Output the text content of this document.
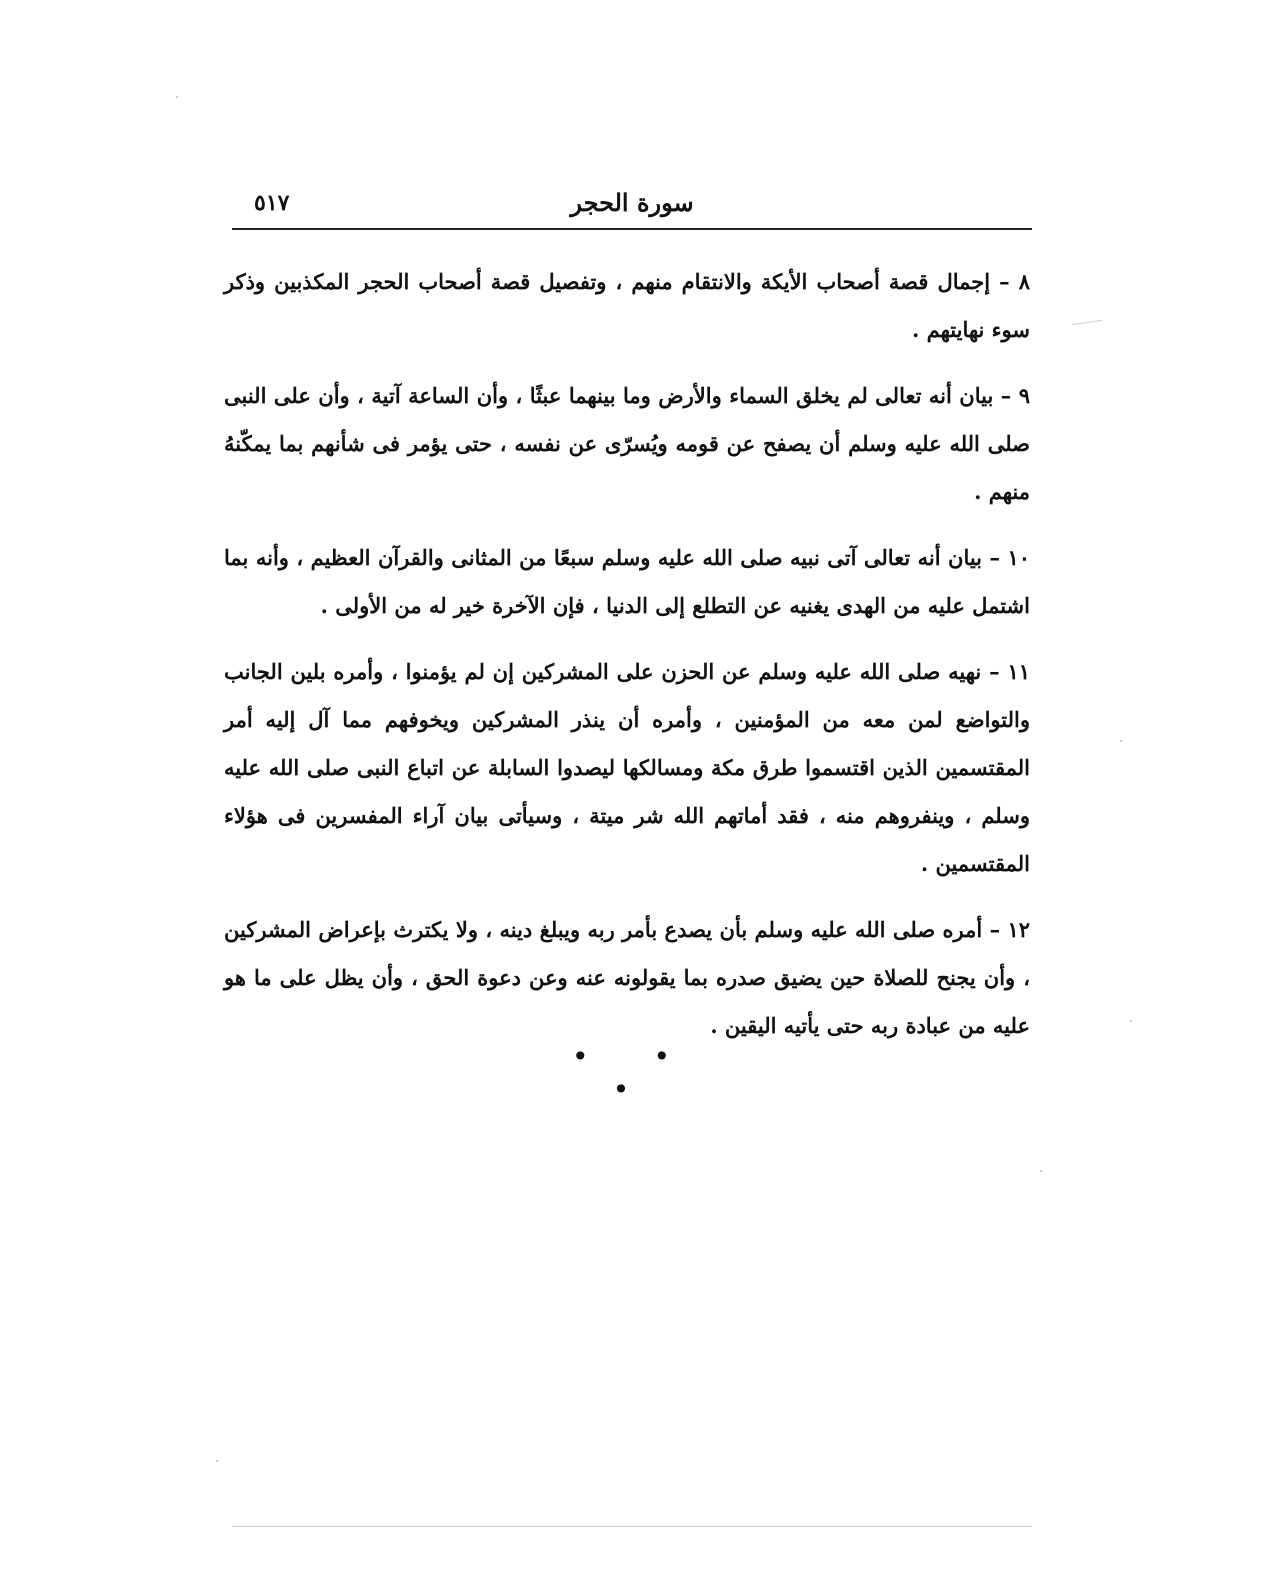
٥١٧	سورة الحجر

٨ – إجمال قصة أصحاب الأيكة والانتقام منهم ، وتفصيل قصة أصحاب الحجر المكذبين وذكر سوء نهايتهم .

٩ – بيان أنه تعالى لم يخلق السماء والأرض وما بينهما عبثًا ، وأن الساعة آتية ، وأن على النبى صلى الله عليه وسلم أن يصفح عن قومه ويُسرّى عن نفسه ، حتى يؤمر فى شأنهم بما يمكّنهُ منهم .

١٠ – بيان أنه تعالى آتى نبيه صلى الله عليه وسلم سبعًا من المثانى والقرآن العظيم ، وأنه بما اشتمل عليه من الهدى يغنيه عن التطلع إلى الدنيا ، فإن الآخرة خير له من الأولى .

١١ – نهيه صلى الله عليه وسلم عن الحزن على المشركين إن لم يؤمنوا ، وأمره بلين الجانب والتواضع لمن معه من المؤمنين ، وأمره أن ينذر المشركين ويخوفهم مما آل إليه أمر المقتسمين الذين اقتسموا طرق مكة ومسالكها ليصدوا السابلة عن اتباع النبى صلى الله عليه وسلم ، وينفروهم منه ، فقد أماتهم الله شر ميتة ، وسيأتى بيان آراء المفسرين فى هؤلاء المقتسمين .

١٢ – أمره صلى الله عليه وسلم بأن يصدع بأمر ربه ويبلغ دينه ، ولا يكترث بإعراض المشركين ، وأن يجنح للصلاة حين يضيق صدره بما يقولونه عنه وعن دعوة الحق ، وأن يظل على ما هو عليه من عبادة ربه حتى يأتيه اليقين .

• • •
